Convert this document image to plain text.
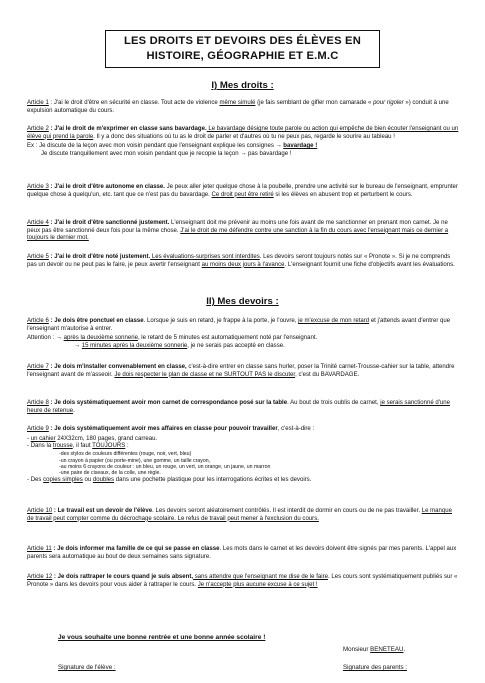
LES DROITS ET DEVOIRS DES ÉLÈVES EN
HISTOIRE, GÉOGRAPHIE ET E.M.C
I) Mes droits :

Article 1 : J'ai le droit d'être en sécurité en classe. Tout acte de violence même simulé (je fais semblant de gifler mon camarade « pour rigoler ») conduit à une expulsion automatique du cours.

Article 2 : J'ai le droit de m'exprimer en classe sans bavardage. Le bavardage désigne toute parole ou action qui empêche de bien écouter l'enseignant ou un élève qui prend la parole. Il y a donc des situations où tu as le droit de parler et d'autres où tu ne peux pas, regarde le sourire au tableau !

Ex : Je discute de la leçon avec mon voisin pendant que l'enseignant explique les consignes → bavardage !

Je discute tranquillement avec mon voisin pendant que je recopie la leçon → pas bavardage !

Article 3 : J'ai le droit d'être autonome en classe. Je peux aller jeter quelque chose à la poubelle, prendre une activité sur le bureau de l'enseignant, emprunter quelque chose à quelqu'un, etc. tant que ce n'est pas du bavardage. Ce droit peut être retiré si les élèves en abusent trop et perturbent le cours.

Article 4 : J'ai le droit d'être sanctionné justement. L'enseignant doit me prévenir au moins une fois avant de me sanctionner en prenant mon carnet. Je ne peux pas être sanctionné deux fois pour la même chose. J'ai le droit de me défendre contre une sanction à la fin du cours avec l'enseignant mais ce dernier a toujours le dernier mot.

Article 5 : J'ai le droit d'être noté justement. Les évaluations-surprises sont interdites. Les devoirs seront toujours notés sur « Pronote ». Si je ne comprends pas un devoir ou ne peut pas le faire, je peux avertir l'enseignant au moins deux jours à l'avance. L'enseignant fournit une fiche d'objectifs avant les évaluations.

II) Mes devoirs :

Article 6 : Je dois être ponctuel en classe. Lorsque je suis en retard, je frappe à la porte, je l'ouvre, je m'excuse de mon retard et j'attends avant d'entrer que l'enseignant m'autorise à entrer.

Attention : → après la deuxième sonnerie, le retard de 5 minutes est automatiquement noté par l'enseignant.

→ 15 minutes après la deuxième sonnerie, je ne serais pas accepté en classe.

Article 7 : Je dois m'installer convenablement en classe, c'est-à-dire entrer en classe sans hurler, poser la Trinité carnet-Trousse-cahier sur la table, attendre l'enseignant avant de m'asseoir. Je dois respecter le plan de classe et ne SURTOUT PAS le discuter, c'est du BAVARDAGE.

Article 8 : Je dois systématiquement avoir mon carnet de correspondance posé sur la table. Au bout de trois oublis de carnet, je serais sanctionné d'une heure de retenue.

Article 9 : Je dois systématiquement avoir mes affaires en classe pour pouvoir travailler, c'est-à-dire :

- un cahier 24X32cm, 180 pages, grand carreau.

- Dans la trousse, il faut TOUJOURS :

-des stylos de couleurs différentes (rouge, noir, vert, bleu)

-un crayon à papier (ou porte-mine), une gomme, un taille crayon,

-au moins 6 crayons de couleur : un bleu, un rouge, un vert, un orange, un jaune, un marron

-une paire de ciseaux, de la colle, une règle.

- Des copies simples ou doubles dans une pochette plastique pour les interrogations écrites et les devoirs.

Article 10 : Le travail est un devoir de l'élève. Les devoirs seront aléatoirement contrôlés. Il est interdit de dormir en cours ou de ne pas travailler. Le manque de travail peut compter comme du décrochage scolaire. Le refus de travail peut mener à l'exclusion du cours.

Article 11 : Je dois informer ma famille de ce qui se passe en classe. Les mots dans le carnet et les devoirs doivent être signés par mes parents. L'appel aux parents sera automatique au bout de deux semaines sans signature.

Article 12 : Je dois rattraper le cours quand je suis absent, sans attendre que l'enseignant me dise de le faire. Les cours sont systématiquement publiés sur « Pronote » dans les devoirs pour vous aider à rattraper le cours. Je n'accepte plus aucune excuse à ce sujet !

Je vous souhaite une bonne rentrée et une bonne année scolaire !
Monsieur BENETEAU.
Signature de l'élève :	Signature des parents :
